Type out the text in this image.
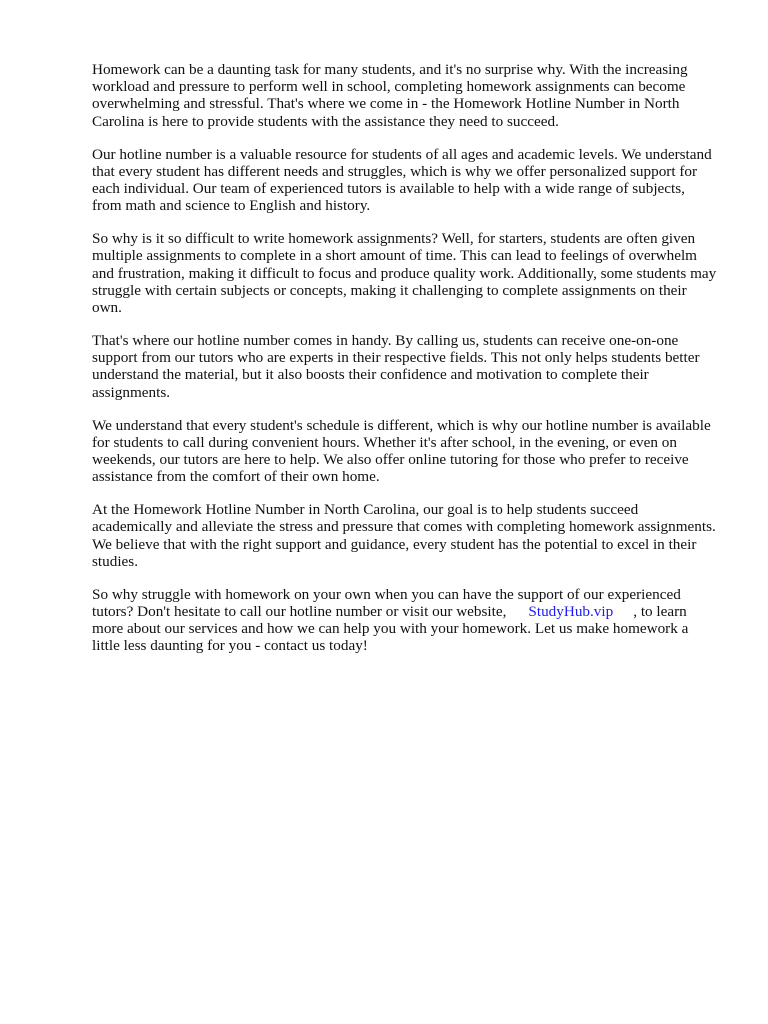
Homework can be a daunting task for many students, and it's no surprise why. With the increasing workload and pressure to perform well in school, completing homework assignments can become overwhelming and stressful. That's where we come in - the Homework Hotline Number in North Carolina is here to provide students with the assistance they need to succeed.

Our hotline number is a valuable resource for students of all ages and academic levels. We understand that every student has different needs and struggles, which is why we offer personalized support for each individual. Our team of experienced tutors is available to help with a wide range of subjects, from math and science to English and history.

So why is it so difficult to write homework assignments? Well, for starters, students are often given multiple assignments to complete in a short amount of time. This can lead to feelings of overwhelm and frustration, making it difficult to focus and produce quality work. Additionally, some students may struggle with certain subjects or concepts, making it challenging to complete assignments on their own.

That's where our hotline number comes in handy. By calling us, students can receive one-on-one support from our tutors who are experts in their respective fields. This not only helps students better understand the material, but it also boosts their confidence and motivation to complete their assignments.

We understand that every student's schedule is different, which is why our hotline number is available for students to call during convenient hours. Whether it's after school, in the evening, or even on weekends, our tutors are here to help. We also offer online tutoring for those who prefer to receive assistance from the comfort of their own home.

At the Homework Hotline Number in North Carolina, our goal is to help students succeed academically and alleviate the stress and pressure that comes with completing homework assignments. We believe that with the right support and guidance, every student has the potential to excel in their studies.

So why struggle with homework on your own when you can have the support of our experienced tutors? Don't hesitate to call our hotline number or visit our website, StudyHub.vip , to learn more about our services and how we can help you with your homework. Let us make homework a little less daunting for you - contact us today!
